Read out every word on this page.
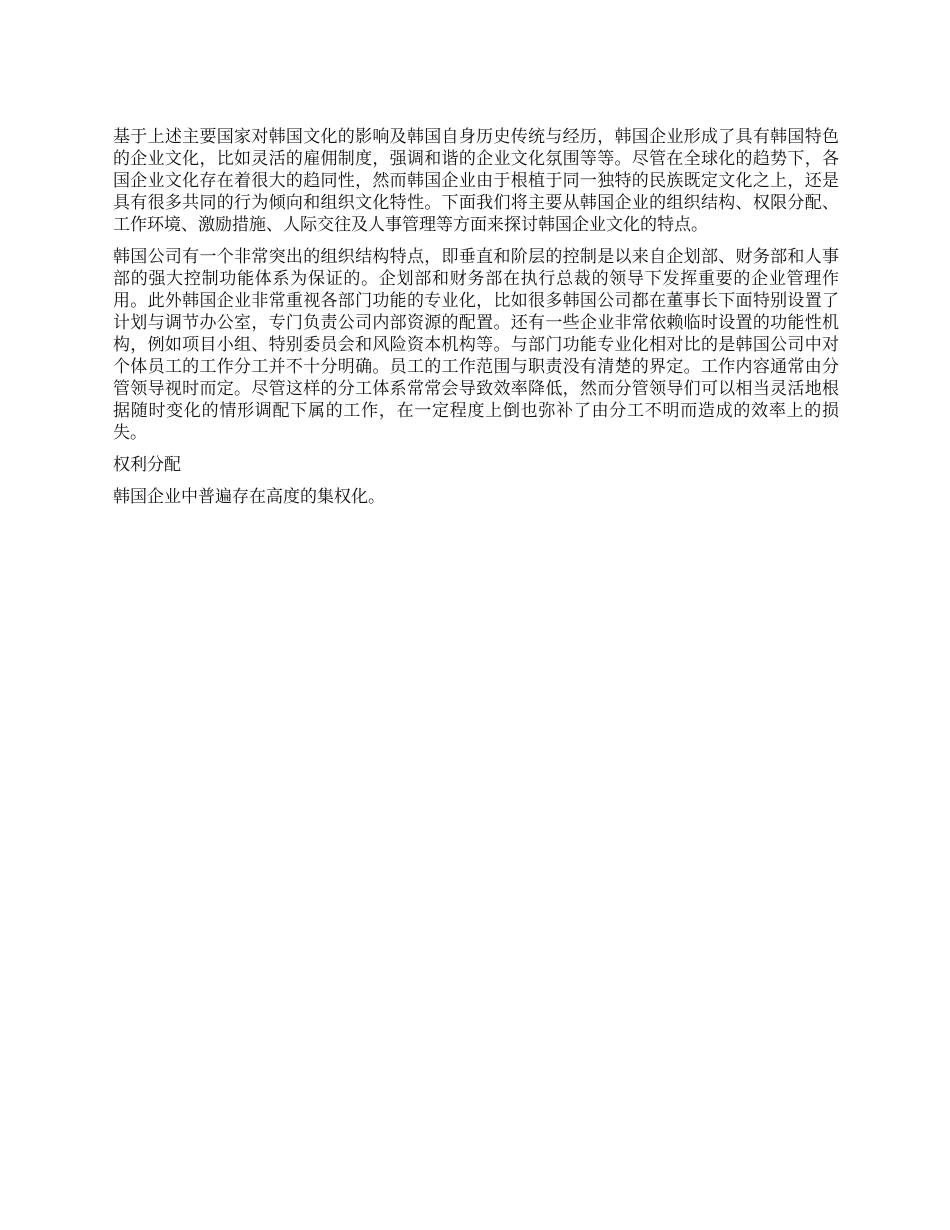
基于上述主要国家对韩国文化的影响及韩国自身历史传统与经历，韩国企业形成了具有韩国特色的企业文化，比如灵活的雇佣制度，强调和谐的企业文化氛围等等。尽管在全球化的趋势下，各国企业文化存在着很大的趋同性，然而韩国企业由于根植于同一独特的民族既定文化之上，还是具有很多共同的行为倾向和组织文化特性。下面我们将主要从韩国企业的组织结构、权限分配、工作环境、激励措施、人际交往及人事管理等方面来探讨韩国企业文化的特点。

韩国公司有一个非常突出的组织结构特点，即垂直和阶层的控制是以来自企划部、财务部和人事部的强大控制功能体系为保证的。企划部和财务部在执行总裁的领导下发挥重要的企业管理作用。此外韩国企业非常重视各部门功能的专业化，比如很多韩国公司都在董事长下面特别设置了计划与调节办公室，专门负责公司内部资源的配置。还有一些企业非常依赖临时设置的功能性机构，例如项目小组、特别委员会和风险资本机构等。与部门功能专业化相对比的是韩国公司中对个体员工的工作分工并不十分明确。员工的工作范围与职责没有清楚的界定。工作内容通常由分管领导视时而定。尽管这样的分工体系常常会导致效率降低，然而分管领导们可以相当灵活地根据随时变化的情形调配下属的工作，在一定程度上倒也弥补了由分工不明而造成的效率上的损失。

权利分配

韩国企业中普遍存在高度的集权化。
